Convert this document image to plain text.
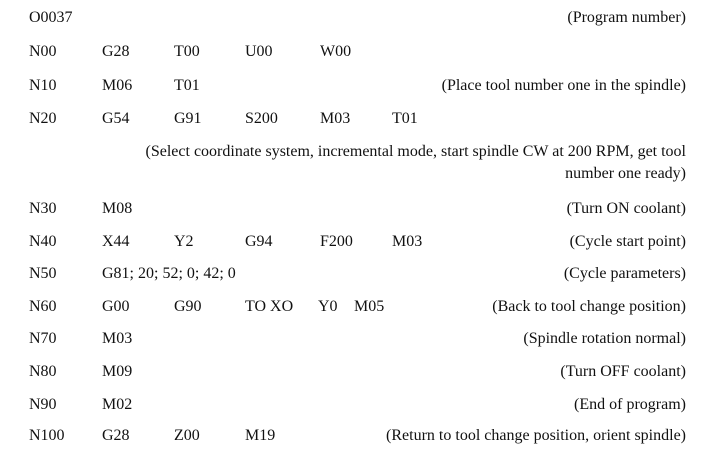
O0037	(Program number)
N00	G28	T00	U00	W00
N10	M06	T01	(Place tool number one in the spindle)
N20	G54	G91	S200	M03	T01
(Select coordinate system, incremental mode, start spindle CW at 200 RPM, get tool
number one ready)
N30	M08	(Turn ON coolant)
N40	X44	Y2	G94	F200 M03	(Cycle start point)
N50	G81; 20; 52; 0; 42; 0	(Cycle parameters)
N60	G00	G90	TO XO Y0 M05	(Back to tool change position)
N70	M03	(Spindle rotation normal)
N80	M09	(Turn OFF coolant)
N90	M02	(End of program)
N100 G28	Z00	M19	(Return to tool change position, orient spindle)
